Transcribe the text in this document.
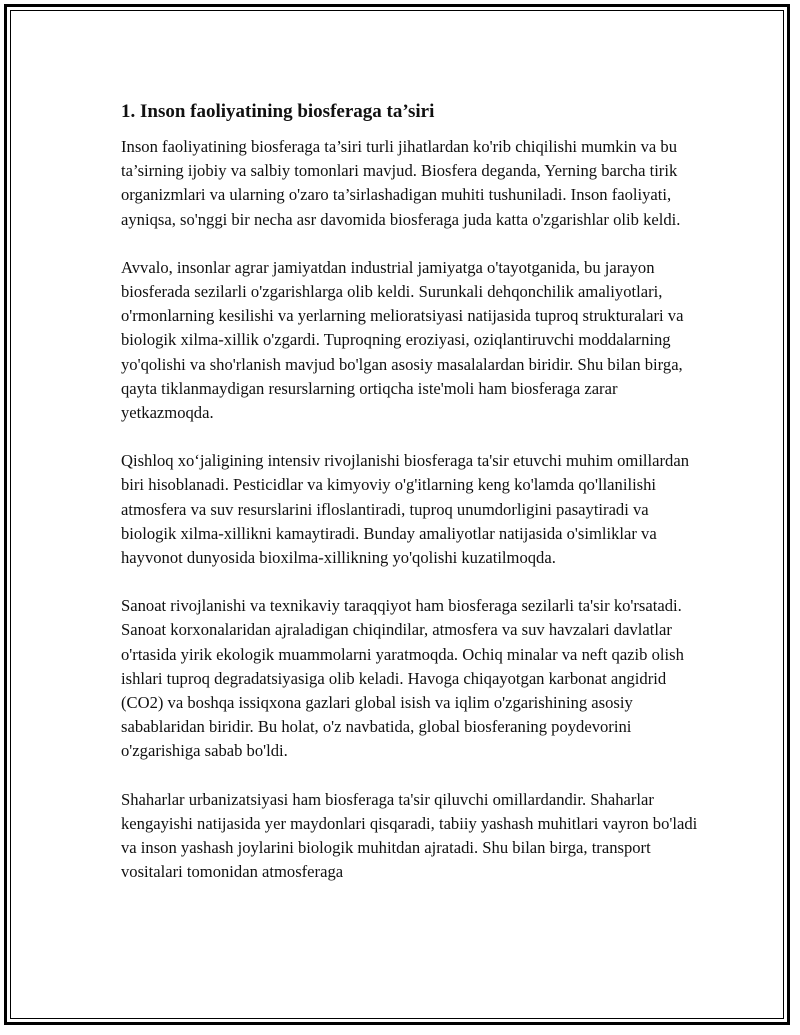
1. Inson faoliyatining biosferaga ta’siri

Inson faoliyatining biosferaga ta’siri turli jihatlardan ko'rib chiqilishi mumkin va bu ta’sirning ijobiy va salbiy tomonlari mavjud. Biosfera deganda, Yerning barcha tirik organizmlari va ularning o'zaro ta’sirlashadigan muhiti tushuniladi. Inson faoliyati, ayniqsa, so'nggi bir necha asr davomida biosferaga juda katta o'zgarishlar olib keldi.

Avvalo, insonlar agrar jamiyatdan industrial jamiyatga o'tayotganida, bu jarayon biosferada sezilarli o'zgarishlarga olib keldi. Surunkali dehqonchilik amaliyotlari, o'rmonlarning kesilishi va yerlarning melioratsiyasi natijasida tuproq strukturalari va biologik xilma-xillik o'zgardi. Tuproqning eroziyasi, oziqlantiruvchi moddalarning yo'qolishi va sho'rlanish mavjud bo'lgan asosiy masalalardan biridir. Shu bilan birga, qayta tiklanmaydigan resurslarning ortiqcha iste'moli ham biosferaga zarar yetkazmoqda.

Qishloq xo‘jaligining intensiv rivojlanishi biosferaga ta'sir etuvchi muhim omillardan biri hisoblanadi. Pesticidlar va kimyoviy o'g'itlarning keng ko'lamda qo'llanilishi atmosfera va suv resurslarini ifloslantiradi, tuproq unumdorligini pasaytiradi va biologik xilma-xillikni kamaytiradi. Bunday amaliyotlar natijasida o'simliklar va hayvonot dunyosida bioxilma-xillikning yo'qolishi kuzatilmoqda.

Sanoat rivojlanishi va texnikaviy taraqqiyot ham biosferaga sezilarli ta'sir ko'rsatadi. Sanoat korxonalaridan ajraladigan chiqindilar, atmosfera va suv havzalari davlatlar o'rtasida yirik ekologik muammolarni yaratmoqda. Ochiq minalar va neft qazib olish ishlari tuproq degradatsiyasiga olib keladi. Havoga chiqayotgan karbonat angidrid (CO2) va boshqa issiqxona gazlari global isish va iqlim o'zgarishining asosiy sabablaridan biridir. Bu holat, o'z navbatida, global biosferaning poydevorini o'zgarishiga sabab bo'ldi.

Shaharlar urbanizatsiyasi ham biosferaga ta'sir qiluvchi omillardandir. Shaharlar kengayishi natijasida yer maydonlari qisqaradi, tabiiy yashash muhitlari vayron bo'ladi va inson yashash joylarini biologik muhitdan ajratadi. Shu bilan birga, transport vositalari tomonidan atmosferaga
